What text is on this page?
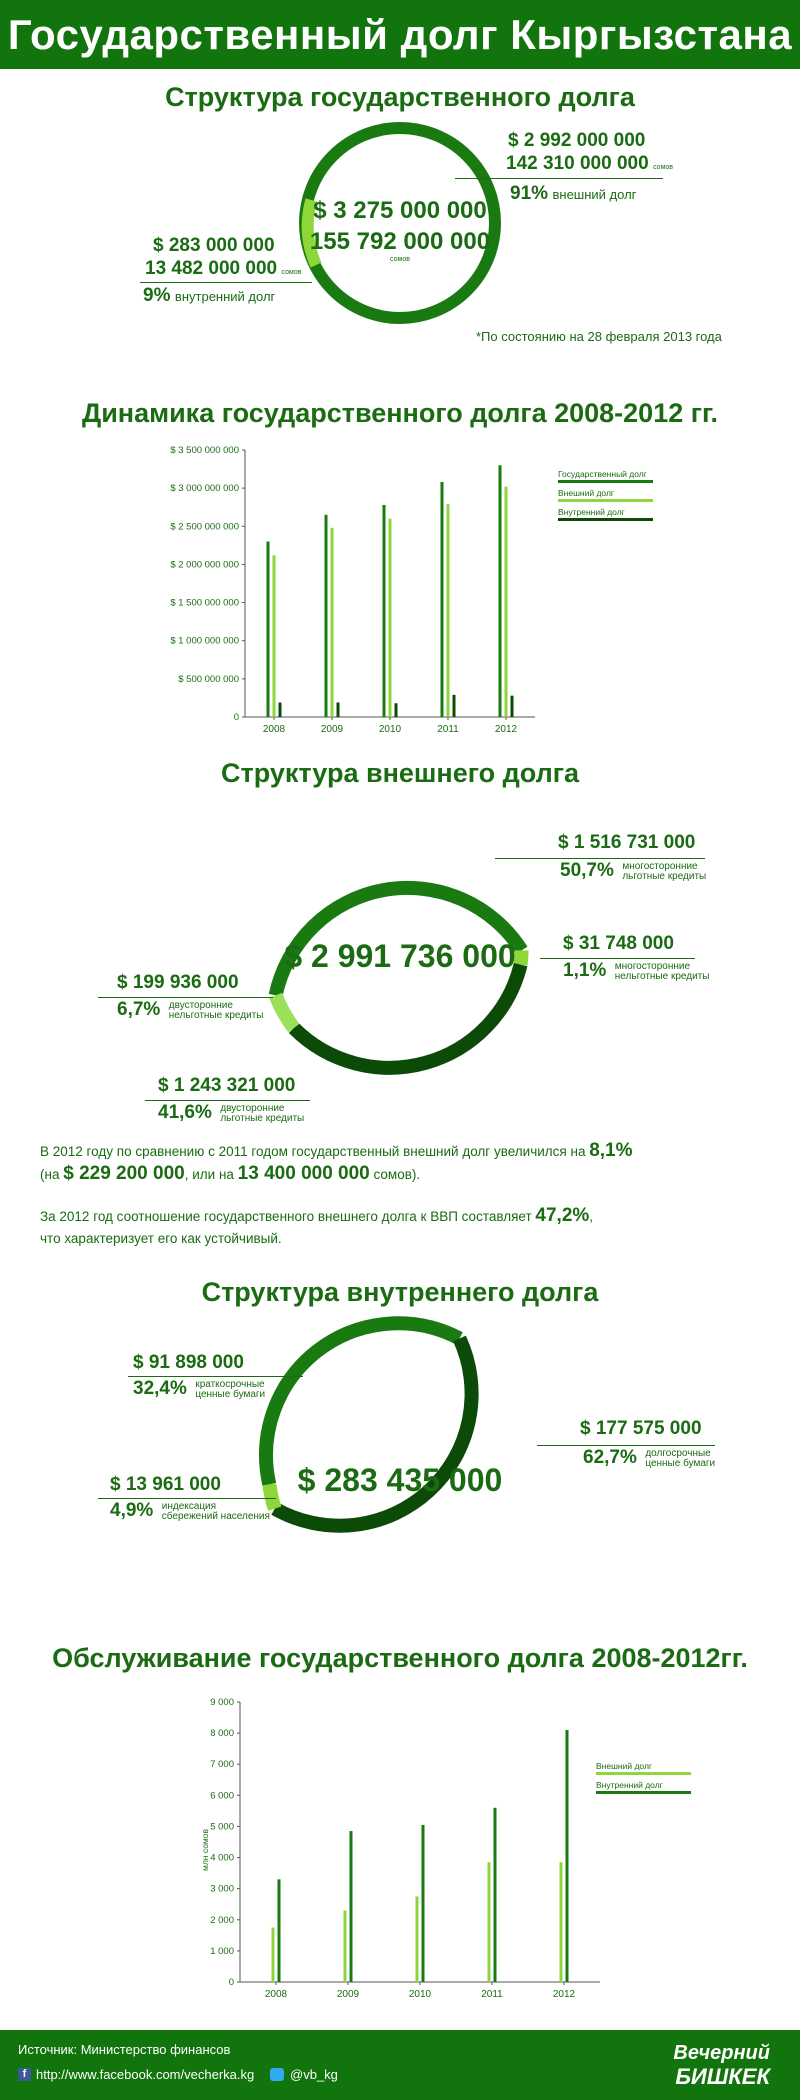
Государственный долг Кыргызстана
Структура государственного долга
$ 3 275 000 000
155 792 000 000
сомов
$ 2 992 000 000
142 310 000 000 сомов
91% внешний долг
$ 283 000 000
13 482 000 000 сомов
9% внутренний долг
*По состоянию на 28 февраля 2013 года
Динамика государственного долга 2008-2012 гг.
0
$ 500 000 000
$ 1 000 000 000
$ 1 500 000 000
$ 2 000 000 000
$ 2 500 000 000
$ 3 000 000 000
$ 3 500 000 000
2008	2009	2010	2011	2012
Государственный долг
Внешний долг
Внутренний долг
Структура внешнего долга
$ 2 991 736 000
$ 1 516 731 000
50,7% многосторонние
льготные кредиты
$ 31 748 000
1,1% многосторонние
нельготные кредиты
$ 199 936 000
6,7% двусторонние
нельготные кредиты
$ 1 243 321 000
41,6% двусторонние
льготные кредиты
В 2012 году по сравнению с 2011 годом государственный внешний долг увеличился на 8,1%
(на $ 229 200 000, или на 13 400 000 000 сомов).
За 2012 год соотношение государственного внешнего долга к ВВП составляет 47,2%,
что характеризует его как устойчивый.
Структура внутреннего долга
$ 283 435 000
$ 91 898 000
32,4% краткосрочные
ценные бумаги
$ 177 575 000
62,7% долгосрочные
ценные бумаги
$ 13 961 000
4,9% индексация
сбережений населения
Обслуживание государственного долга 2008-2012гг.
0
1 000
2 000
3 000
4 000
5 000
6 000
7 000
8 000
9 000
2008	2009	2010	2011	2012
Внешний долг
Внутренний долг
млн сомов
Источник: Министерство финансов
f http://www.facebook.com/vecherka.kg	@vb_kg
Вечерний
БИШКЕК
